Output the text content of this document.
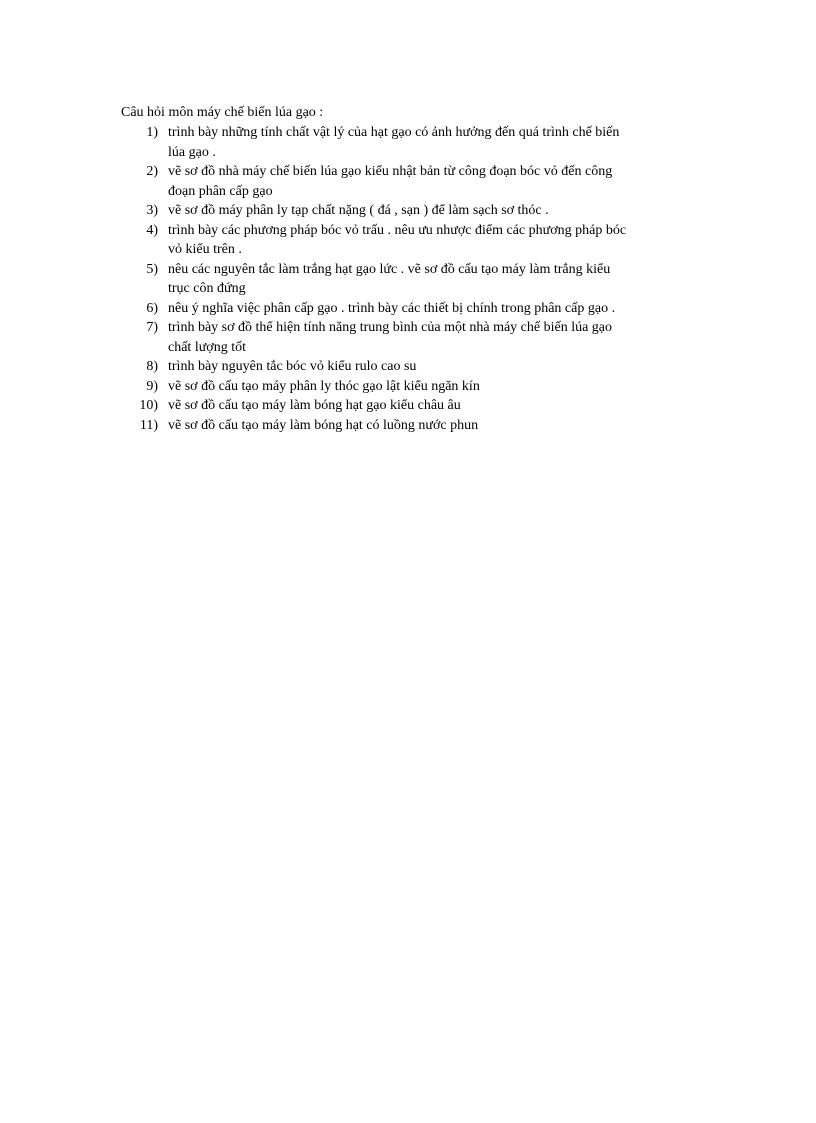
Câu hỏi môn máy chế biến lúa gạo :
1) trình bày những tính chất vật lý của hạt gạo có ảnh hưởng đến quá trình chế biến
lúa gạo .
2) vẽ sơ đồ nhà máy chế biến lúa gạo kiểu nhật bản từ công đoạn bóc vỏ đến công
đoạn phân cấp gạo
3) vẽ sơ đồ máy phân ly tạp chất nặng ( đá , sạn ) để làm sạch sơ thóc .
4) trình bày các phương pháp bóc vỏ trấu . nêu ưu nhược điểm các phương pháp bóc
vỏ kiểu trên .
5) nêu các nguyên tắc làm trắng hạt gạo lức . vẽ sơ đồ cấu tạo máy làm trắng kiểu
trục côn đứng
6) nêu ý nghĩa việc phân cấp gạo . trình bày các thiết bị chính trong phân cấp gạo .
7) trình bày sơ đồ thể hiện tính năng trung bình của một nhà máy chế biến lúa gạo
chất lượng tốt
8) trình bày nguyên tắc bóc vỏ kiểu rulo cao su
9) vẽ sơ đồ cấu tạo máy phân ly thóc gạo lật kiểu ngăn kín
10) vẽ sơ đồ cấu tạo máy làm bóng hạt gạo kiểu châu âu
11) vẽ sơ đồ cấu tạo máy làm bóng hạt có luồng nước phun
